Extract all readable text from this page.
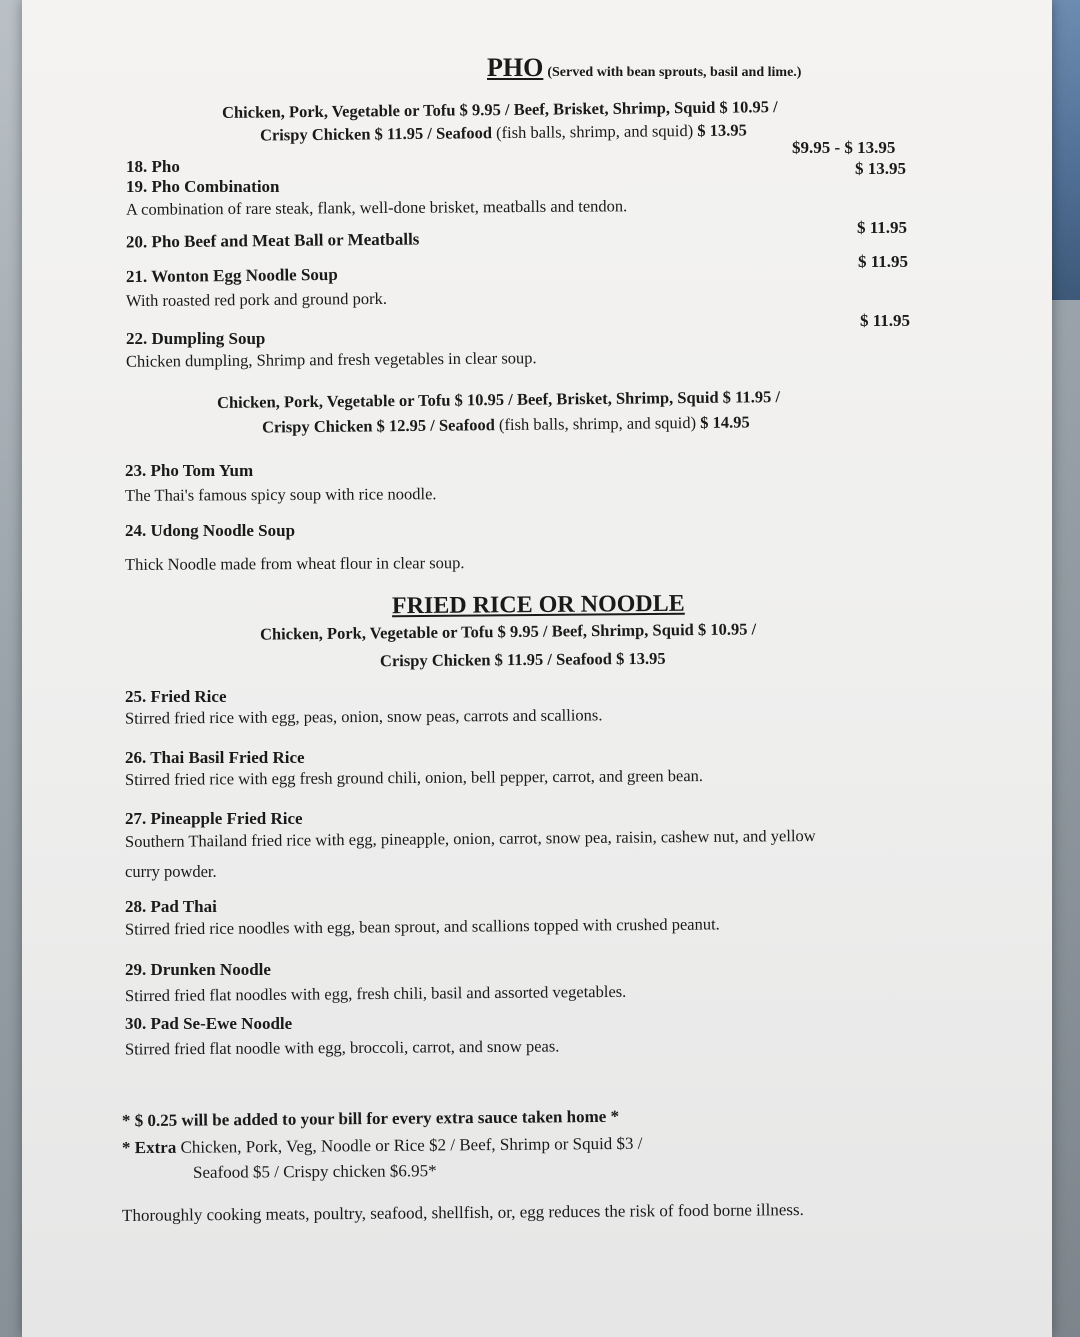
PHO (Served with bean sprouts, basil and lime.)
Chicken, Pork, Vegetable or Tofu $ 9.95 / Beef, Brisket, Shrimp, Squid $ 10.95 /
Crispy Chicken $ 11.95 / Seafood (fish balls, shrimp, and squid) $ 13.95
18. Pho
$9.95 - $ 13.95
19. Pho Combination
$ 13.95
A combination of rare steak, flank, well-done brisket, meatballs and tendon.
20. Pho Beef and Meat Ball or Meatballs
$ 11.95
21. Wonton Egg Noodle Soup
$ 11.95
With roasted red pork and ground pork.
22. Dumpling Soup
$ 11.95
Chicken dumpling, Shrimp and fresh vegetables in clear soup.
Chicken, Pork, Vegetable or Tofu $ 10.95 / Beef, Brisket, Shrimp, Squid $ 11.95 /
Crispy Chicken $ 12.95 / Seafood (fish balls, shrimp, and squid) $ 14.95
23. Pho Tom Yum
The Thai's famous spicy soup with rice noodle.
24. Udong Noodle Soup
Thick Noodle made from wheat flour in clear soup.
FRIED RICE OR NOODLE
Chicken, Pork, Vegetable or Tofu $ 9.95 / Beef, Shrimp, Squid $ 10.95 /
Crispy Chicken $ 11.95 / Seafood $ 13.95
25. Fried Rice
Stirred fried rice with egg, peas, onion, snow peas, carrots and scallions.
26. Thai Basil Fried Rice
Stirred fried rice with egg fresh ground chili, onion, bell pepper, carrot, and green bean.
27. Pineapple Fried Rice
Southern Thailand fried rice with egg, pineapple, onion, carrot, snow pea, raisin, cashew nut, and yellow
curry powder.
28. Pad Thai
Stirred fried rice noodles with egg, bean sprout, and scallions topped with crushed peanut.
29. Drunken Noodle
Stirred fried flat noodles with egg, fresh chili, basil and assorted vegetables.
30. Pad Se-Ewe Noodle
Stirred fried flat noodle with egg, broccoli, carrot, and snow peas.
* $ 0.25 will be added to your bill for every extra sauce taken home *
* Extra Chicken, Pork, Veg, Noodle or Rice $2 / Beef, Shrimp or Squid $3 /
Seafood $5 / Crispy chicken $6.95*
Thoroughly cooking meats, poultry, seafood, shellfish, or, egg reduces the risk of food borne illness.
